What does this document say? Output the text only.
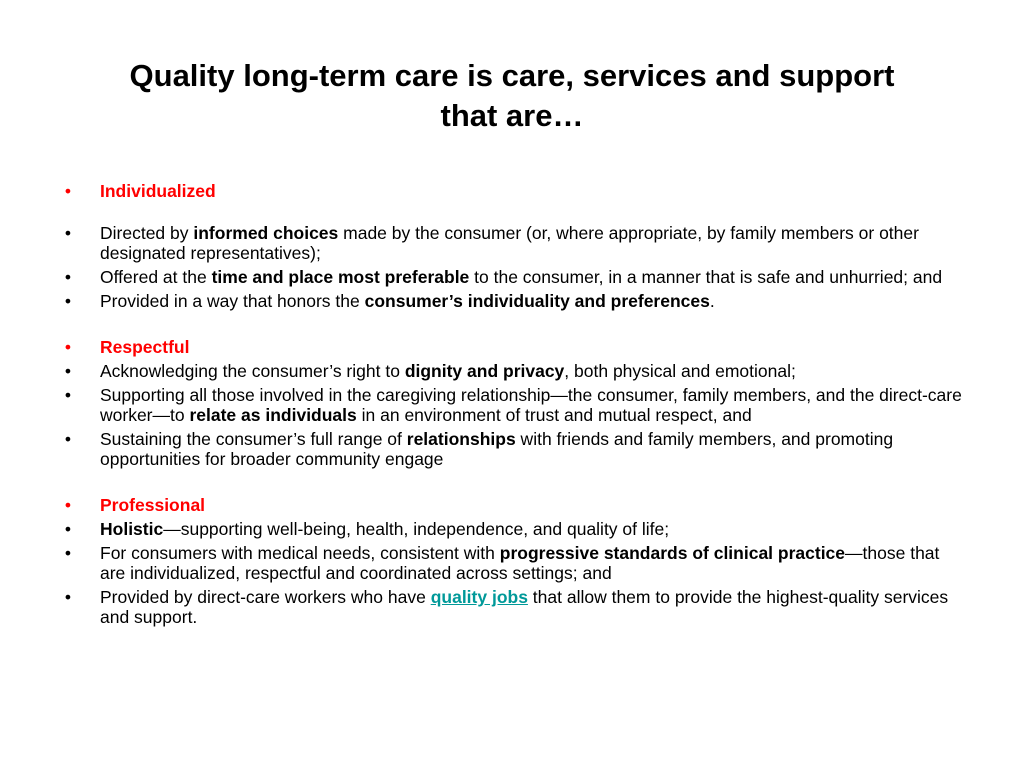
Quality long-term care is care, services and support
that are…
•	Individualized
•	Directed by informed choices made by the consumer (or, where appropriate, by family members or other designated representatives);
•	Offered at the time and place most preferable to the consumer, in a manner that is safe and unhurried; and
•	Provided in a way that honors the consumer’s individuality and preferences.
•	Respectful
•	Acknowledging the consumer’s right to dignity and privacy, both physical and emotional;
•	Supporting all those involved in the caregiving relationship—the consumer, family members, and the direct-care worker—to relate as individuals in an environment of trust and mutual respect, and
•	Sustaining the consumer’s full range of relationships with friends and family members, and promoting opportunities for broader community engage
•	Professional
•	Holistic—supporting well-being, health, independence, and quality of life;
•	For consumers with medical needs, consistent with progressive standards of clinical practice—those that are individualized, respectful and coordinated across settings; and
•	Provided by direct-care workers who have quality jobs that allow them to provide the highest-quality services and support.
